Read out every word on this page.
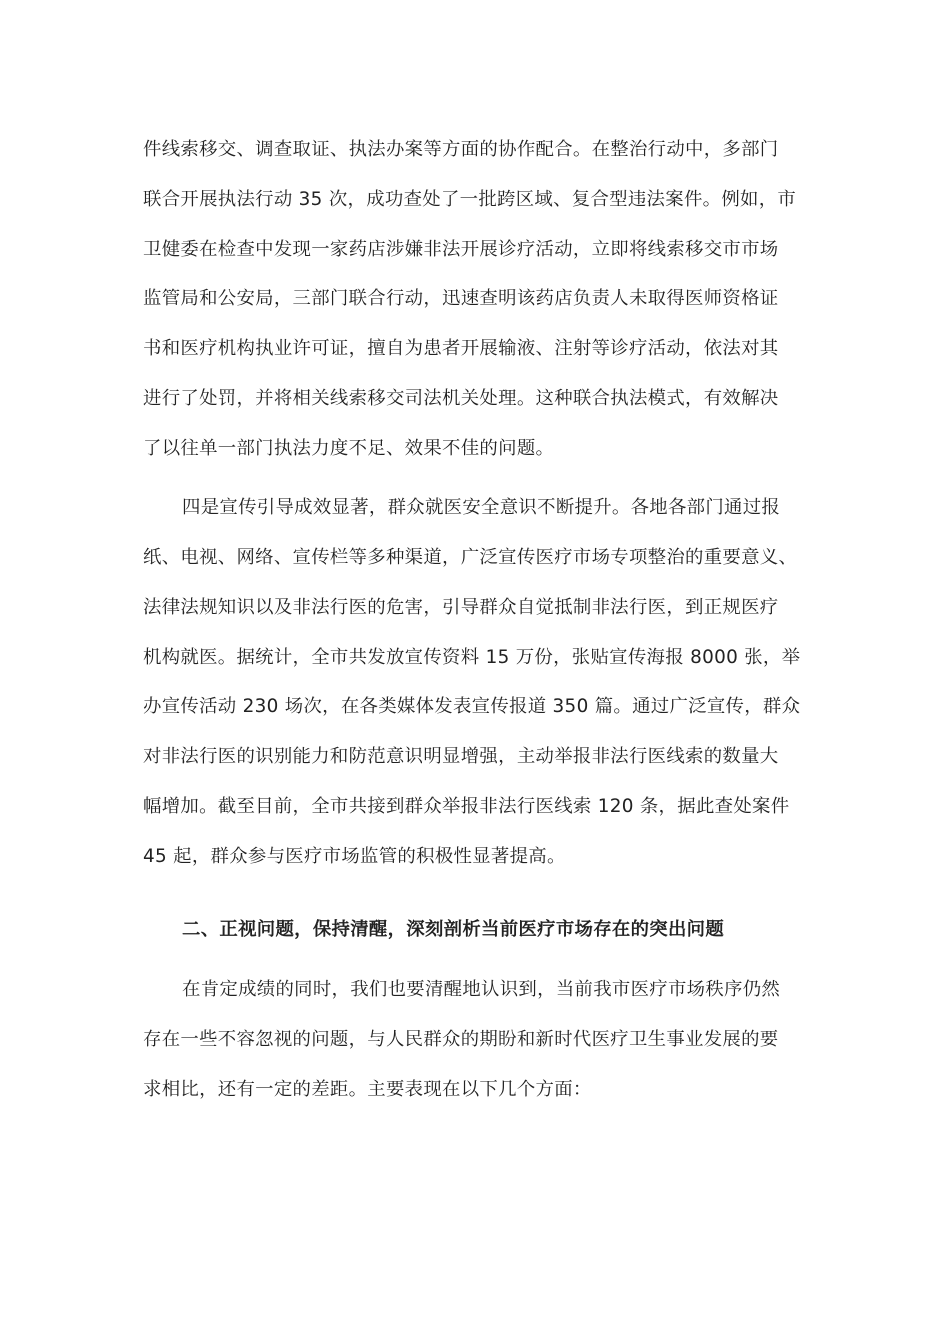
件线索移交、调查取证、执法办案等方面的协作配合。在整治行动中，多部门
联合开展执法行动 35 次，成功查处了一批跨区域、复合型违法案件。例如，市
卫健委在检查中发现一家药店涉嫌非法开展诊疗活动，立即将线索移交市市场
监管局和公安局，三部门联合行动，迅速查明该药店负责人未取得医师资格证
书和医疗机构执业许可证，擅自为患者开展输液、注射等诊疗活动，依法对其
进行了处罚，并将相关线索移交司法机关处理。这种联合执法模式，有效解决
了以往单一部门执法力度不足、效果不佳的问题。
四是宣传引导成效显著，群众就医安全意识不断提升。各地各部门通过报
纸、电视、网络、宣传栏等多种渠道，广泛宣传医疗市场专项整治的重要意义、
法律法规知识以及非法行医的危害，引导群众自觉抵制非法行医，到正规医疗
机构就医。据统计，全市共发放宣传资料 15 万份，张贴宣传海报 8000 张，举
办宣传活动 230 场次，在各类媒体发表宣传报道 350 篇。通过广泛宣传，群众
对非法行医的识别能力和防范意识明显增强，主动举报非法行医线索的数量大
幅增加。截至目前，全市共接到群众举报非法行医线索 120 条，据此查处案件
45 起，群众参与医疗市场监管的积极性显著提高。
二、正视问题，保持清醒，深刻剖析当前医疗市场存在的突出问题
在肯定成绩的同时，我们也要清醒地认识到，当前我市医疗市场秩序仍然
存在一些不容忽视的问题，与人民群众的期盼和新时代医疗卫生事业发展的要
求相比，还有一定的差距。主要表现在以下几个方面：
